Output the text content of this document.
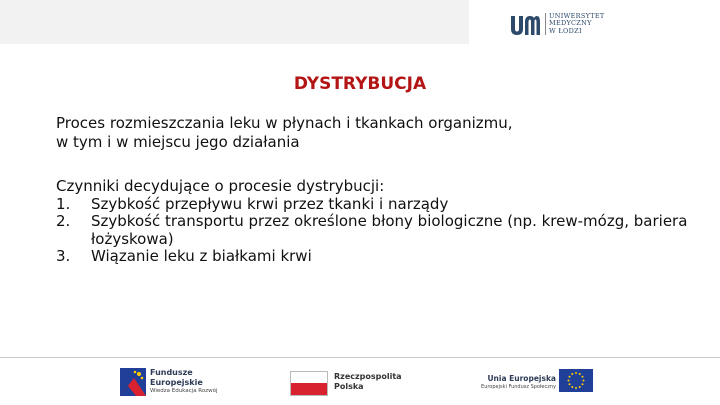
UNIWERSYTET
MEDYCZNY
W ŁODZI
DYSTRYBUCJA
Proces rozmieszczania leku w płynach i tkankach organizmu,
w tym i w miejscu jego działania
Czynniki decydujące o procesie dystrybucji:
1. Szybkość przepływu krwi przez tkanki i narządy
2. Szybkość transportu przez określone błony biologiczne (np. krew-mózg, bariera łożyskowa)
3. Wiązanie leku z białkami krwi
Fundusze
Europejskie
Wiedza Edukacja Rozwój
Rzeczpospolita
Polska
Unia Europejska
Europejski Fundusz Społeczny
